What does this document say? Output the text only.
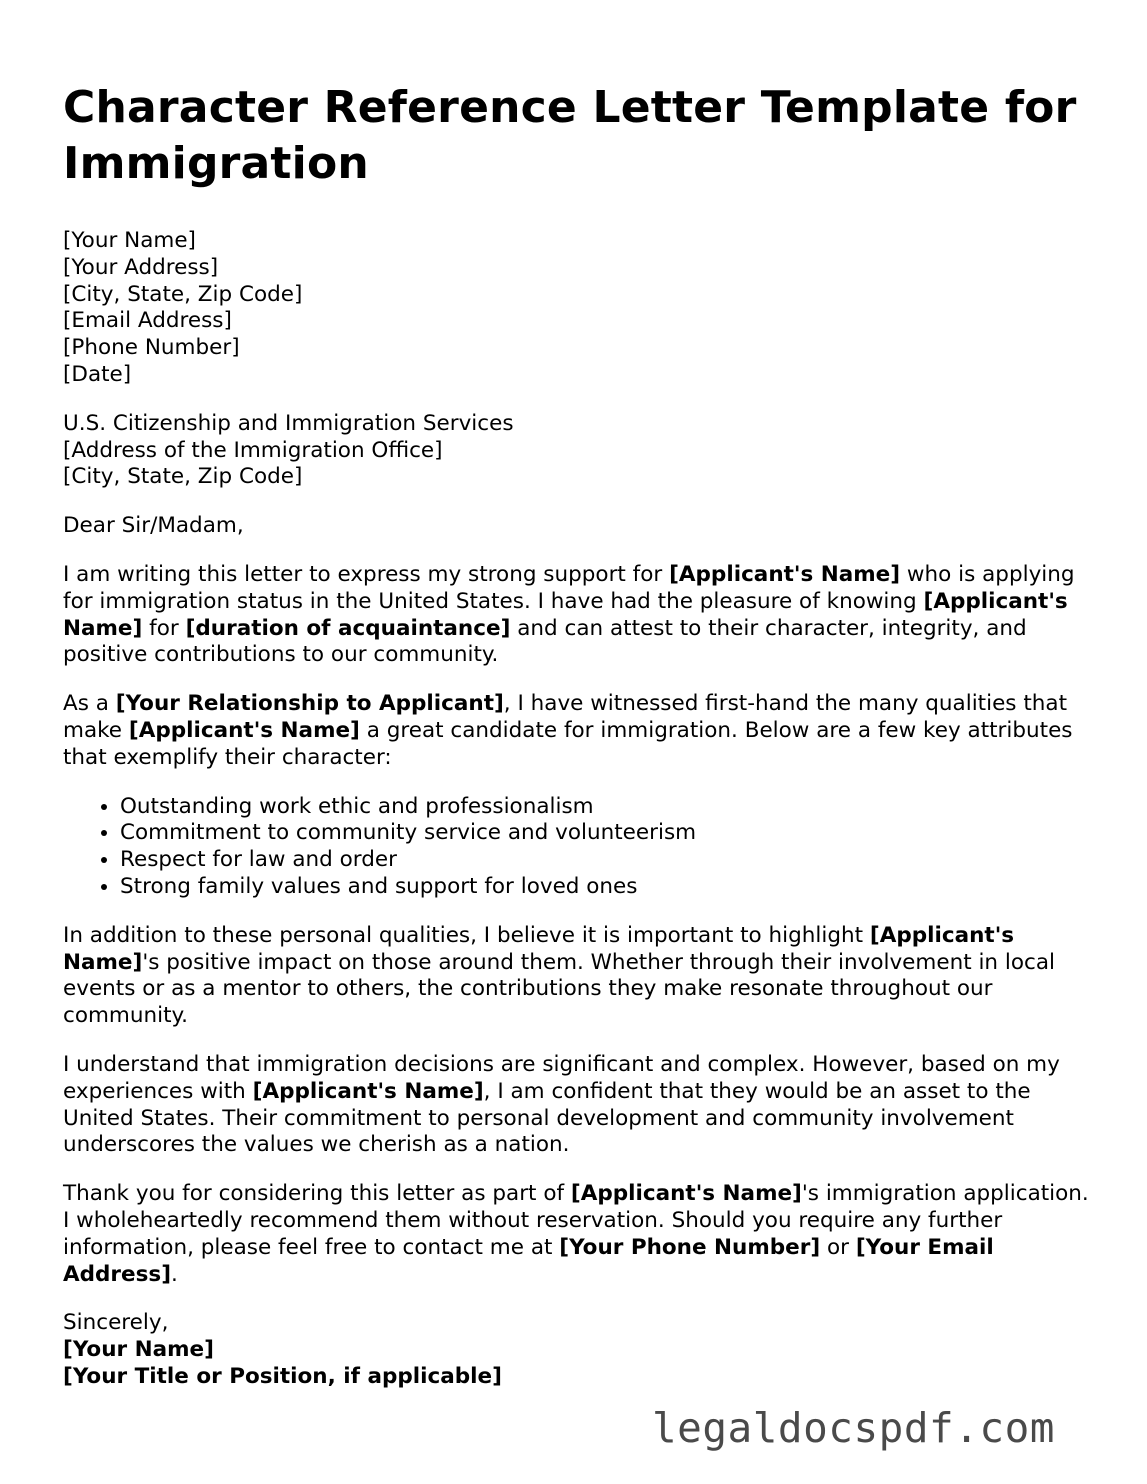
Character Reference Letter Template for Immigration
[Your Name]
[Your Address]
[City, State, Zip Code]
[Email Address]
[Phone Number]
[Date]
U.S. Citizenship and Immigration Services
[Address of the Immigration Office]
[City, State, Zip Code]

Dear Sir/Madam,

I am writing this letter to express my strong support for [Applicant's Name] who is applying for immigration status in the United States. I have had the pleasure of knowing [Applicant's Name] for [duration of acquaintance] and can attest to their character, integrity, and positive contributions to our community.

As a [Your Relationship to Applicant], I have witnessed first-hand the many qualities that make [Applicant's Name] a great candidate for immigration. Below are a few key attributes that exemplify their character:

• Outstanding work ethic and professionalism
• Commitment to community service and volunteerism
• Respect for law and order
• Strong family values and support for loved ones

In addition to these personal qualities, I believe it is important to highlight [Applicant's Name]'s positive impact on those around them. Whether through their involvement in local events or as a mentor to others, the contributions they make resonate throughout our community.

I understand that immigration decisions are significant and complex. However, based on my experiences with [Applicant's Name], I am confident that they would be an asset to the United States. Their commitment to personal development and community involvement underscores the values we cherish as a nation.

Thank you for considering this letter as part of [Applicant's Name]'s immigration application. I wholeheartedly recommend them without reservation. Should you require any further information, please feel free to contact me at [Your Phone Number] or [Your Email Address].

Sincerely,
[Your Name]
[Your Title or Position, if applicable]
legaldocspdf.com
